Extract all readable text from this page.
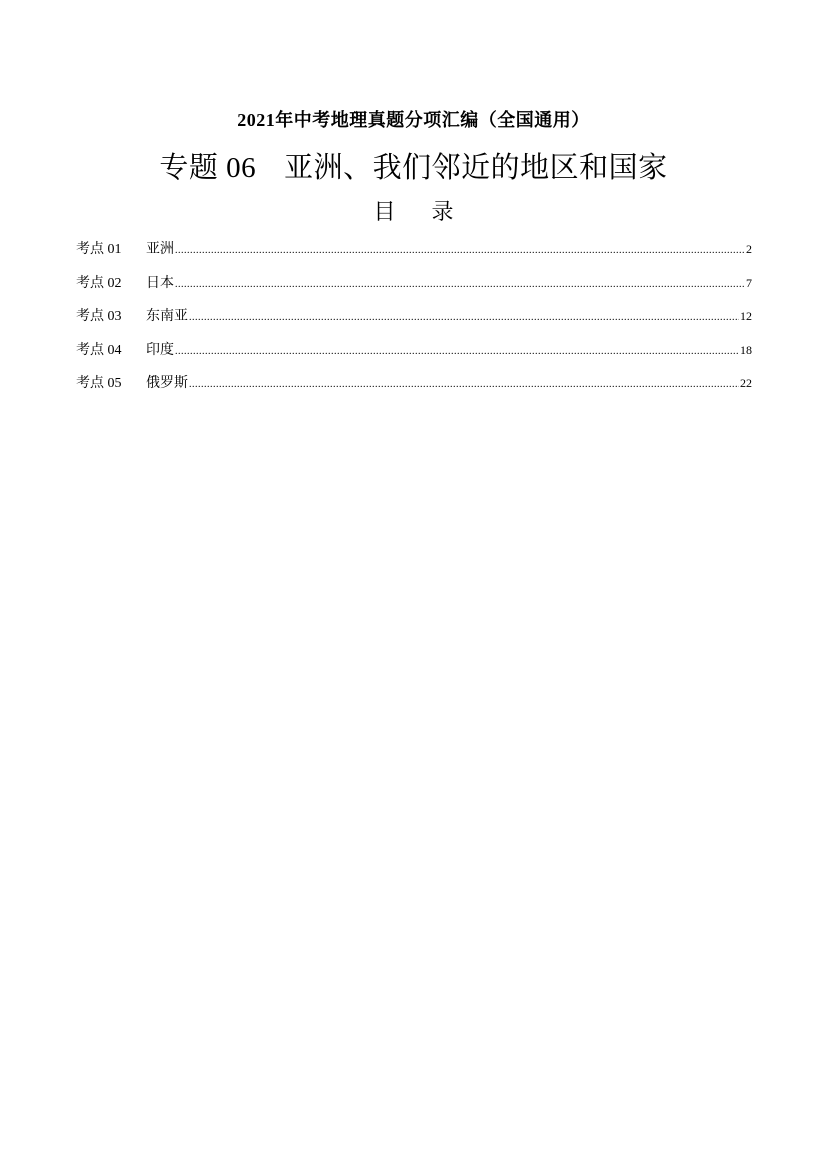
2021年中考地理真题分项汇编（全国通用）
专题 06 亚洲、我们邻近的地区和国家
目录
考点 01	亚洲 .....	2
考点 02	日本 .....	7
考点 03	东南亚 .....	12
考点 04	印度 .....	18
考点 05	俄罗斯 .....	22
